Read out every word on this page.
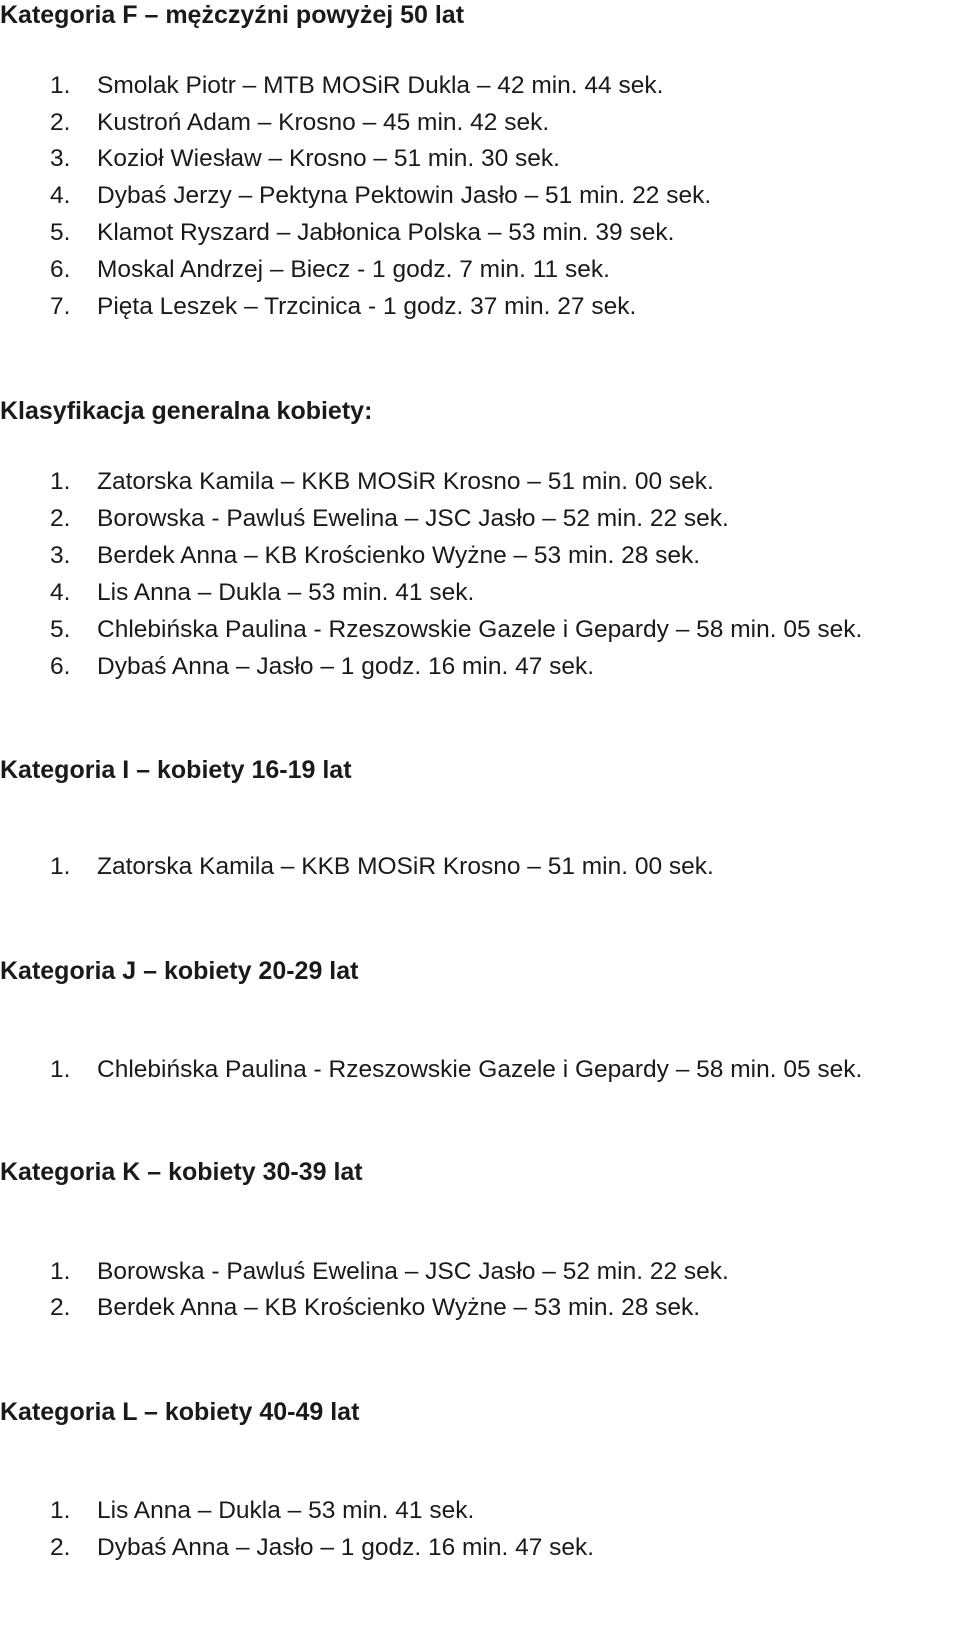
Kategoria F – mężczyźni powyżej 50 lat
1. Smolak Piotr – MTB MOSiR Dukla – 42 min. 44 sek.
2. Kustroń Adam – Krosno – 45 min. 42 sek.
3. Kozioł Wiesław – Krosno – 51 min. 30 sek.
4. Dybaś Jerzy – Pektyna Pektowin Jasło – 51 min. 22 sek.
5. Klamot Ryszard – Jabłonica Polska – 53 min. 39 sek.
6. Moskal Andrzej – Biecz - 1 godz. 7 min. 11 sek.
7. Pięta Leszek – Trzcinica - 1 godz. 37 min. 27 sek.
Klasyfikacja generalna kobiety:
1. Zatorska Kamila – KKB MOSiR Krosno – 51 min. 00 sek.
2. Borowska - Pawluś Ewelina – JSC Jasło – 52 min. 22 sek.
3. Berdek Anna – KB Krościenko Wyżne – 53 min. 28 sek.
4. Lis Anna – Dukla – 53 min. 41 sek.
5. Chlebińska Paulina - Rzeszowskie Gazele i Gepardy – 58 min. 05 sek.
6. Dybaś Anna – Jasło – 1 godz. 16 min. 47 sek.
Kategoria I – kobiety 16-19 lat
1. Zatorska Kamila – KKB MOSiR Krosno – 51 min. 00 sek.
Kategoria J – kobiety 20-29 lat
1. Chlebińska Paulina - Rzeszowskie Gazele i Gepardy – 58 min. 05 sek.
Kategoria K – kobiety 30-39 lat
1. Borowska - Pawluś Ewelina – JSC Jasło – 52 min. 22 sek.
2. Berdek Anna – KB Krościenko Wyżne – 53 min. 28 sek.
Kategoria L – kobiety 40-49 lat
1. Lis Anna – Dukla – 53 min. 41 sek.
2. Dybaś Anna – Jasło – 1 godz. 16 min. 47 sek.
